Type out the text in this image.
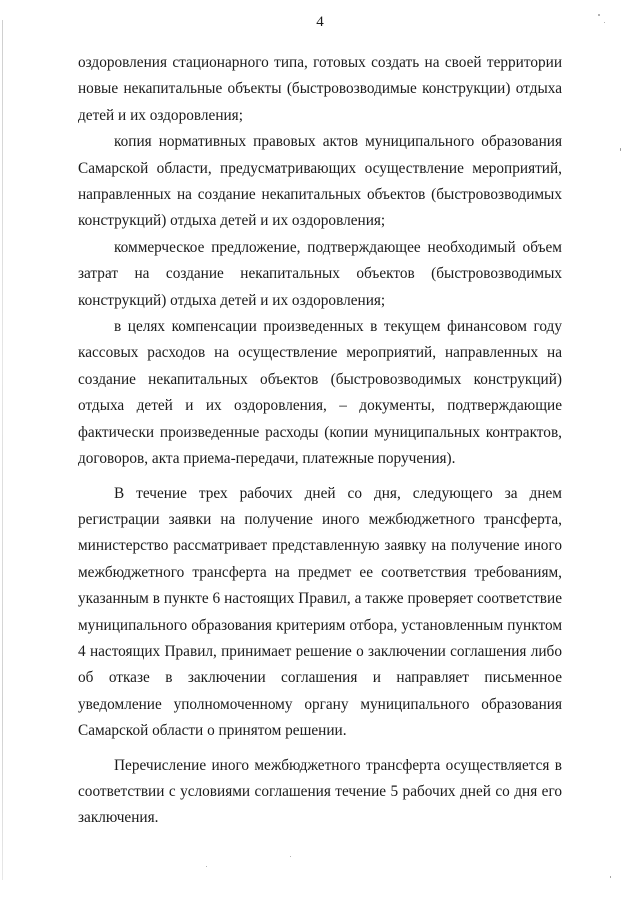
4

оздоровления стационарного типа, готовых создать на своей территории новые некапитальные объекты (быстровозводимые конструкции) отдыха детей и их оздоровления;

копия нормативных правовых актов муниципального образования Самарской области, предусматривающих осуществление мероприятий, направленных на создание некапитальных объектов (быстровозводимых конструкций) отдыха детей и их оздоровления;

коммерческое предложение, подтверждающее необходимый объем затрат на создание некапитальных объектов (быстровозводимых конструкций) отдыха детей и их оздоровления;

в целях компенсации произведенных в текущем финансовом году кассовых расходов на осуществление мероприятий, направленных на создание некапитальных объектов (быстровозводимых конструкций) отдыха детей и их оздоровления, – документы, подтверждающие фактически произведенные расходы (копии муниципальных контрактов, договоров, акта приема-передачи, платежные поручения).

В течение трех рабочих дней со дня, следующего за днем регистрации заявки на получение иного межбюджетного трансферта, министерство рассматривает представленную заявку на получение иного межбюджетного трансферта на предмет ее соответствия требованиям, указанным в пункте 6 настоящих Правил, а также проверяет соответствие муниципального образования критериям отбора, установленным пунктом 4 настоящих Правил, принимает решение о заключении соглашения либо об отказе в заключении соглашения и направляет письменное уведомление уполномоченному органу муниципального образования Самарской области о принятом решении.

Перечисление иного межбюджетного трансферта осуществляется в соответствии с условиями соглашения течение 5 рабочих дней со дня его заключения.
